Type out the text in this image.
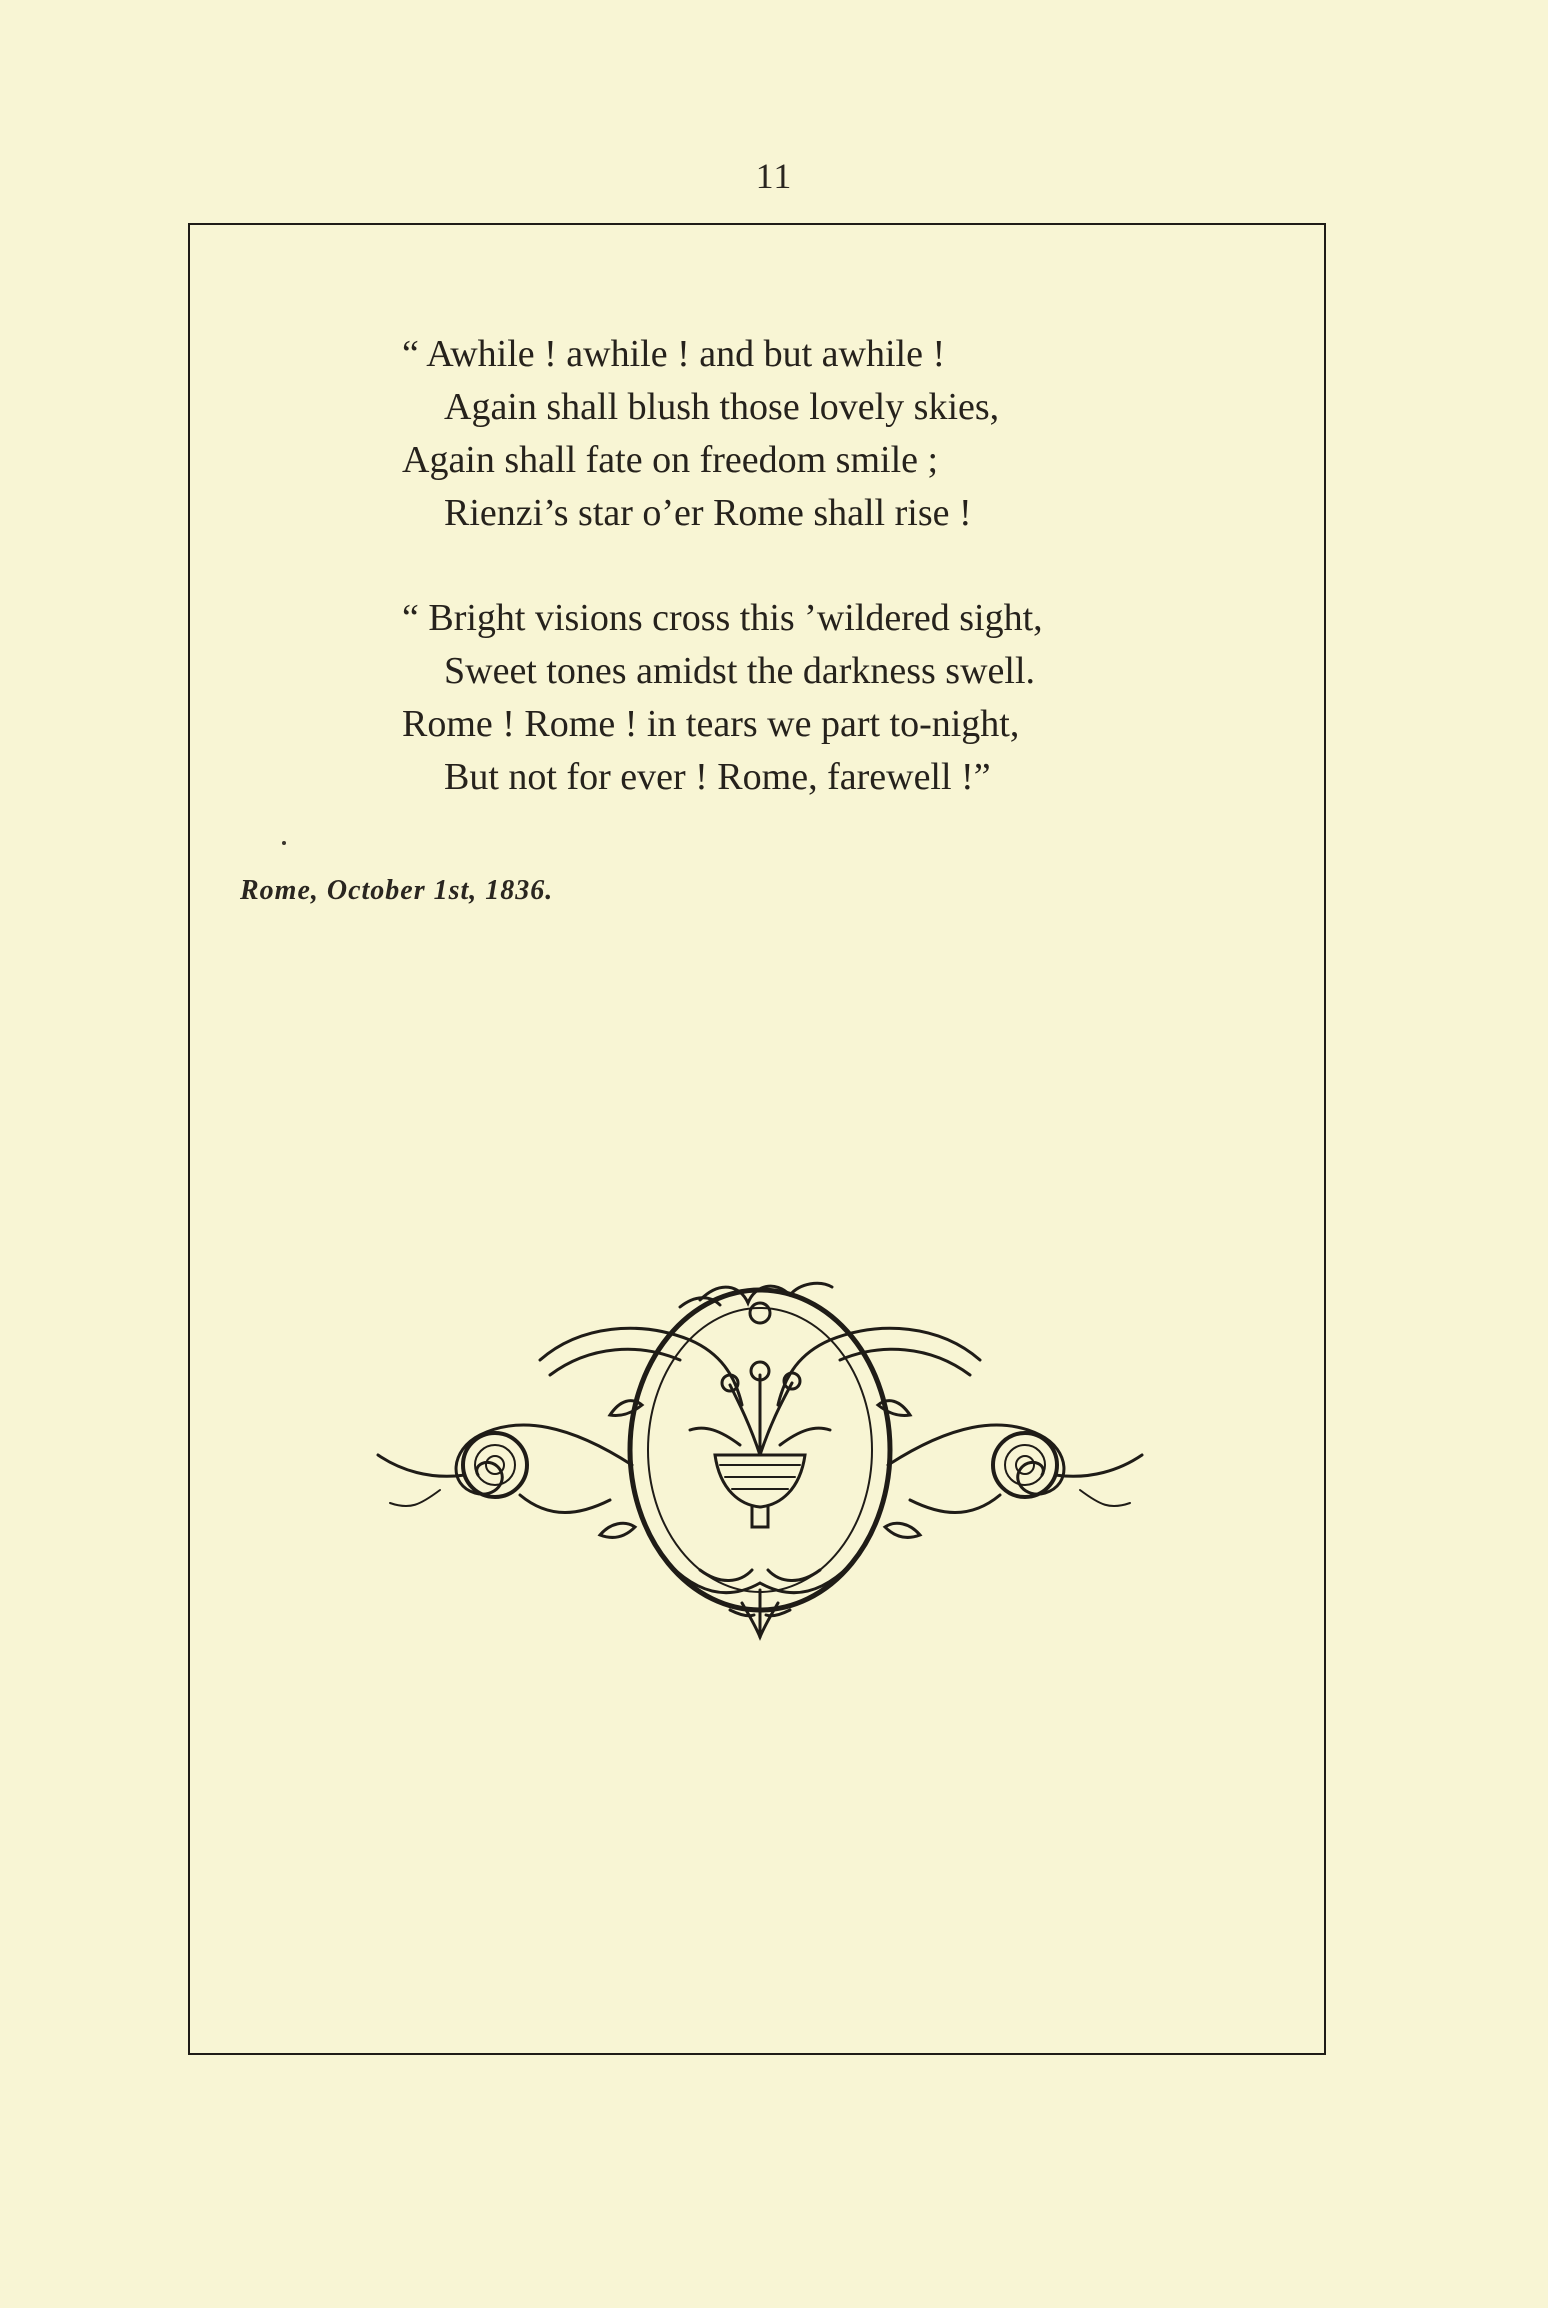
11
“ Awhile ! awhile ! and but awhile !
Again shall blush those lovely skies,
Again shall fate on freedom smile ;
Rienzi’s star o’er Rome shall rise !
“ Bright visions cross this ’wildered sight,
Sweet tones amidst the darkness swell.
Rome ! Rome ! in tears we part to-night,
But not for ever ! Rome, farewell !”
Rome, October 1st, 1836.
